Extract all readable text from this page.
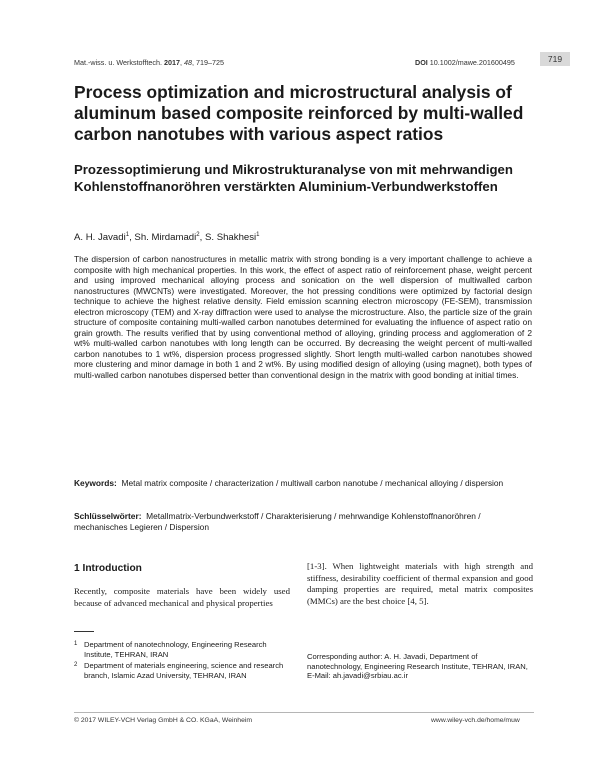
Mat.-wiss. u. Werkstofftech. 2017, 48, 719–725	DOI 10.1002/mawe.201600495	719
Process optimization and microstructural analysis of aluminum based composite reinforced by multi-walled carbon nanotubes with various aspect ratios
Prozessoptimierung und Mikrostrukturanalyse von mit mehrwandigen Kohlenstoffnanoröhren verstärkten Aluminium-Verbundwerkstoffen
A. H. Javadi$^1$, Sh. Mirdamadi$^2$, S. Shakhesi$^1$
The dispersion of carbon nanostructures in metallic matrix with strong bonding is a very important challenge to achieve a composite with high mechanical properties. In this work, the effect of aspect ratio of reinforcement phase, weight percent and using improved mechanical alloying process and sonication on the well dispersion of multiwalled carbon nanostructures (MWCNTs) were investigated. Moreover, the hot pressing conditions were optimized by factorial design technique to achieve the highest relative density. Field emission scanning electron microscopy (FE-SEM), transmission electron microscopy (TEM) and X-ray diffraction were used to analyse the microstructure. Also, the particle size of the grain structure of composite containing multi-walled carbon nanotubes determined for evaluating the influence of aspect ratio on grain growth. The results verified that by using conventional method of alloying, grinding process and agglomeration of 2 wt% multi-walled carbon nanotubes with long length can be occurred. By decreasing the weight percent of multi-walled carbon nanotubes to 1 wt%, dispersion process progressed slightly. Short length multi-walled carbon nanotubes showed more clustering and minor damage in both 1 and 2 wt%. By using modified design of alloying (using magnet), both types of multi-walled carbon nanotubes dispersed better than conventional design in the matrix with good bonding at initial times.
Keywords: Metal matrix composite / characterization / multiwall carbon nanotube / mechanical alloying / dispersion
Schlüsselwörter: Metallmatrix-Verbundwerkstoff / Charakterisierung / mehrwandige Kohlenstoffnanoröhren / mechanisches Legieren / Dispersion
1 Introduction
Recently, composite materials have been widely used because of advanced mechanical and physical properties
[1-3]. When lightweight materials with high strength and stiffness, desirability coefficient of thermal expansion and good damping properties are required, metal matrix composites (MMCs) are the best choice [4, 5].
1 Department of nanotechnology, Engineering Research Institute, TEHRAN, IRAN
2 Department of materials engineering, science and research branch, Islamic Azad University, TEHRAN, IRAN
Corresponding author: A. H. Javadi, Department of nanotechnology, Engineering Research Institute, TEHRAN, IRAN,
E-Mail: ah.javadi@srbiau.ac.ir
© 2017 WILEY-VCH Verlag GmbH & CO. KGaA, Weinheim	www.wiley-vch.de/home/muw
